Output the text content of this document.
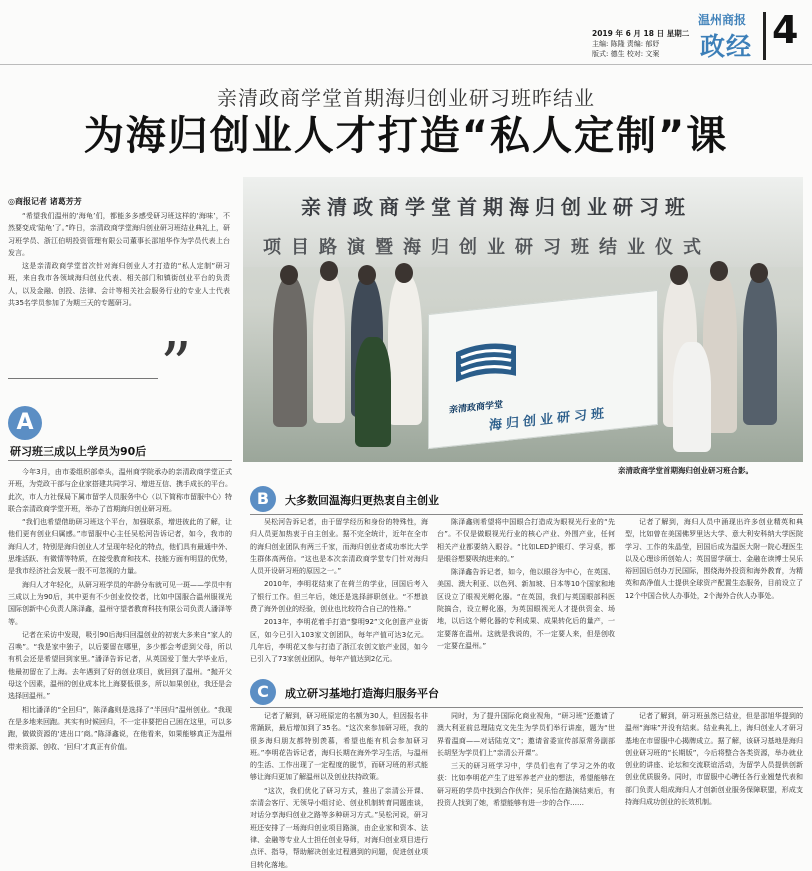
2019 年 6 月 18 日 星期二
主编: 陈隆 责编: 郁妤
版式: 德生 校对: 文案
温州商报
政经 4
亲清政商学堂首期海归创业研习班昨结业
为海归创业人才打造“私人定制”课
◎商报记者 诸葛芳芳

“希望我们温州的‘海龟’们，都能多多感受研习班这样的‘海味’，不然要变成‘陆龟’了。”昨日，亲清政商学堂海归创业研习班结业典礼上，研习班学员、浙江伯明投资管理有限公司董事长邵旭华作为学员代表上台发言。

这是亲清政商学堂首次针对海归创业人才打造的“私人定制”研习班，来自我市各领域海归创业代表、相关部门和镇街创业平台的负责人，以及金融、创投、法律、会计等相关社会服务行业的专业人士代表共35名学员参加了为期三天的专题研习。

”
A
研习班三成以上学员为90后

今年3月，由市委组织部牵头，温州商学院承办的亲清政商学堂正式开班，为党政干部与企业家搭建共同学习、增进互信、携手成长的平台。此次，市人力社保局下属市留学人员服务中心（以下简称市留服中心）特联合亲清政商学堂开班，举办了首期海归创业研习班。

“我们也希望借助研习班这个平台，加强联系，增进彼此的了解，让他们更有创业归属感。”市留服中心主任吴松河告诉记者，如今，我市的海归人才，特别是海归创业人才呈现年轻化的特点，他们具有最通中外、思维活跃、有微情等特质，在接受教育和技术、技能方面有明显的优势，是我市经济社会发展一股不可忽视的力量。

海归人才年轻化，从研习班学员的年龄分布就可见一斑——学员中有三成以上为90后，其中更有不少创业佼佼者，比如中国服合温州服视光国际创新中心负责人陈泽鑫，温州守望者教育科技有限公司负责人潘泽等等。

记者在采访中发现，吸引90后海归回温创业的初衷大多来自“家人的召唤”。“我是家中独子，以后要留在哪里，多少都会考虑到父母，所以有机会还是希望回到家里。”潘泽告诉记者，从英国爱丁堡大学毕业后，他最初留在了上海。去年遇到了好的创业项目，就回到了温州。“抛开父母这个因素，温州的创业成本比上海要低很多，所以如果创业，我还是会选择回温州。”

相比潘泽的“全回归”，陈泽鑫则是选择了“半回归”温州创业。“我现在是多地来回跑。其实有时候回归，不一定非要把自己困在这里，可以多跑，做做资源的‘进出口’商。”陈泽鑫说，在他看来，如果能够真正为温州带来资源、创收、‘回归’才真正有价值。

亲清政商学堂首期海归创业研习班
项目路演暨海归创业研习班结业仪式
亲清政商学堂
海归创业研习班
亲清政商学堂首期海归创业研习班合影。
B	大多数回温海归更热衷自主创业

吴松河告诉记者，由于留学经历和身份的特殊性，海归人员更加热衷于自主创业。据不完全统计，近年在全市的海归创业团队有两三千家，而海归创业者成功率比大学生群体高两倍。“这也是本次亲清政商学堂专门针对海归人员开设研习班的原因之一。”

2010年，李明花结束了在荷兰的学业，回国后考入了银行工作。但三年后，她还是选择辞职创业。“不想浪费了海外创业的经验，创业也比较符合自己的性格。”

2013年，李明花着手打造“黎明92”文化创意产业街区，如今已引入103家文创团队，每年产值可达3亿元。几年后，李明花又参与打造了浙江农创文旅产业园，如今已引入了73家创业团队，每年产值达到2亿元。

陈泽鑫则希望将中国眼合打造成为眼视光行业的“先台”。不仅是做眼视光行业的核心产业、外围产业，任何相关产业都要纳入眼谷。“比如LED护眼灯、学习桌，都是眼谷想要吸纳进来的。”

陈泽鑫告诉记者，如今，他以眼谷为中心，在英国、美国、澳大利亚、以色列、新加坡、日本等10个国家和地区设立了眼视光孵化器。“在英国，我们与英国眼部科医院搞合，设立孵化器，为英国眼视光人才提供资金、场地，以后这个孵化器的专利成果、成果转化后的量产，一定要落在温州。这就是我说的，不一定要人来，但是创收一定要在温州。”

记者了解到，海归人员中涌现出许多创业精英和典型，比如曾在美国佛罗里达大学、意大利安科纳大学医院学习、工作的朱晶莹，回国后成为温医大附一院心理医生以及心理诊所创始人；英国留学硕士、金融在读博士吴乐裕回国后创办万民国际，围绕海外投资和海外教育，为精英和高净值人士提供全球资产配置生态服务，目前设立了12个中国合伙人办事处，2个海外合伙人办事处。

C	成立研习基地打造海归服务平台

记者了解到，研习班原定的名额为30人，但因报名非常踊跃，最后增加到了35名。“这次来参加研习班，我的很多海归朋友都特别羡慕，希望也能有机会参加研习班。”李明花告诉记者，海归长期在海外学习生活，与温州的生活、工作出现了一定程度的脱节，而研习班的形式能够让海归更加了解温州以及创业扶持政策。

“这次，我们优化了研习方式，推出了亲清公开课、亲清会客厅、无领导小组讨论、创业机制转育同题座谈，对话分享海归创业之路等多种研习方式。”吴松河说，研习班还安排了一场海归创业项目路演，由企业家和资本、法律、金融等专业人士担任创业导师，对海归创业项目进行点评、指导，帮助解决创业过程遇到的问题，促进创业项目转化落地。

同时，为了提升国际化商业视角，“研习班”还邀请了澳大利亚前总理陆克文先生为学员们举行讲座，题为“世界看温商——对话陆克文”；邀请省委宣传部原常务副部长胡坚为学员们上“亲清公开课”。

三天的研习班学习中，学员们也有了学习之外的收获：比如李明花产生了进军养老产业的想法，希望能够在研习班的学员中找到合作伙伴；吴乐怡在路演结束后，有投资人找到了她，希望能够有进一步的合作……

记者了解到，研习班虽然已结业，但是邵旭华提到的温州“海味”并没有结束。结业典礼上，海归创业人才研习基地在市留服中心揭牌成立。据了解，该研习基地是海归创业研习班的“长期版”，今后将整合各类资源，举办就业创业的讲座、论坛和交流联谊活动，为留学人员提供创新创业优质服务。同时，市留服中心聘任各行业翘楚代表和部门负责人组成海归人才创新创业服务保障联盟，形成支持海归成功创业的长效机制。
